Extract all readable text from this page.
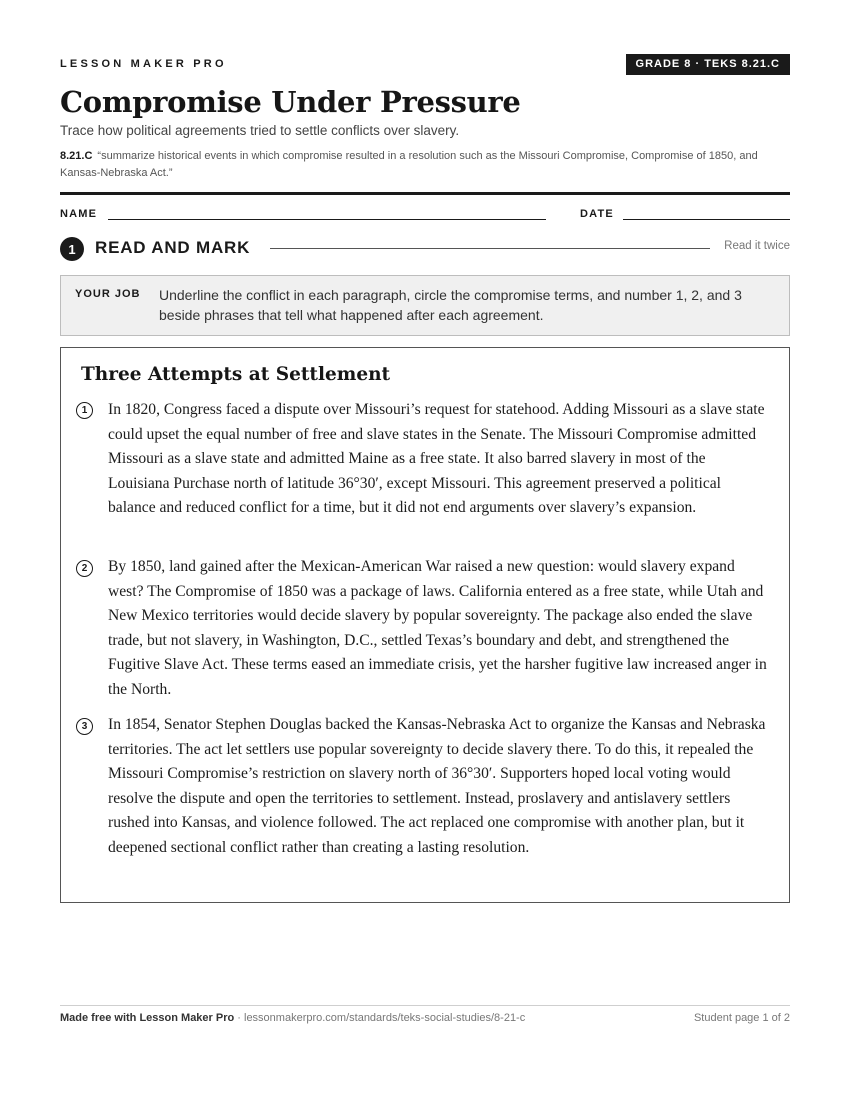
LESSON MAKER PRO	GRADE 8 · TEKS 8.21.C
Compromise Under Pressure
Trace how political agreements tried to settle conflicts over slavery.
8.21.C “summarize historical events in which compromise resulted in a resolution such as the Missouri Compromise, Compromise of 1850, and Kansas-Nebraska Act.”
NAME	DATE
1	READ AND MARK	Read it twice
YOUR JOB Underline the conflict in each paragraph, circle the compromise terms, and number 1, 2, and 3 beside phrases that tell what happened after each agreement.
Three Attempts at Settlement
1	In 1820, Congress faced a dispute over Missouri’s request for statehood. Adding Missouri as a slave state could upset the equal number of free and slave states in the Senate. The Missouri Compromise admitted Missouri as a slave state and admitted Maine as a free state. It also barred slavery in most of the Louisiana Purchase north of latitude 36°30′, except Missouri. This agreement preserved a political balance and reduced conflict for a time, but it did not end arguments over slavery’s expansion.

2	By 1850, land gained after the Mexican-American War raised a new question: would slavery expand west? The Compromise of 1850 was a package of laws. California entered as a free state, while Utah and New Mexico territories would decide slavery by popular sovereignty. The package also ended the slave trade, but not slavery, in Washington, D.C., settled Texas’s boundary and debt, and strengthened the Fugitive Slave Act. These terms eased an immediate crisis, yet the harsher fugitive law increased anger in the North.

3	In 1854, Senator Stephen Douglas backed the Kansas-Nebraska Act to organize the Kansas and Nebraska territories. The act let settlers use popular sovereignty to decide slavery there. To do this, it repealed the Missouri Compromise’s restriction on slavery north of 36°30′. Supporters hoped local voting would resolve the dispute and open the territories to settlement. Instead, proslavery and antislavery settlers rushed into Kansas, and violence followed. The act replaced one compromise with another plan, but it deepened sectional conflict rather than creating a lasting resolution.

Made free with Lesson Maker Pro · lessonmakerpro.com/standards/teks-social-studies/8-21-c	Student page 1 of 2
